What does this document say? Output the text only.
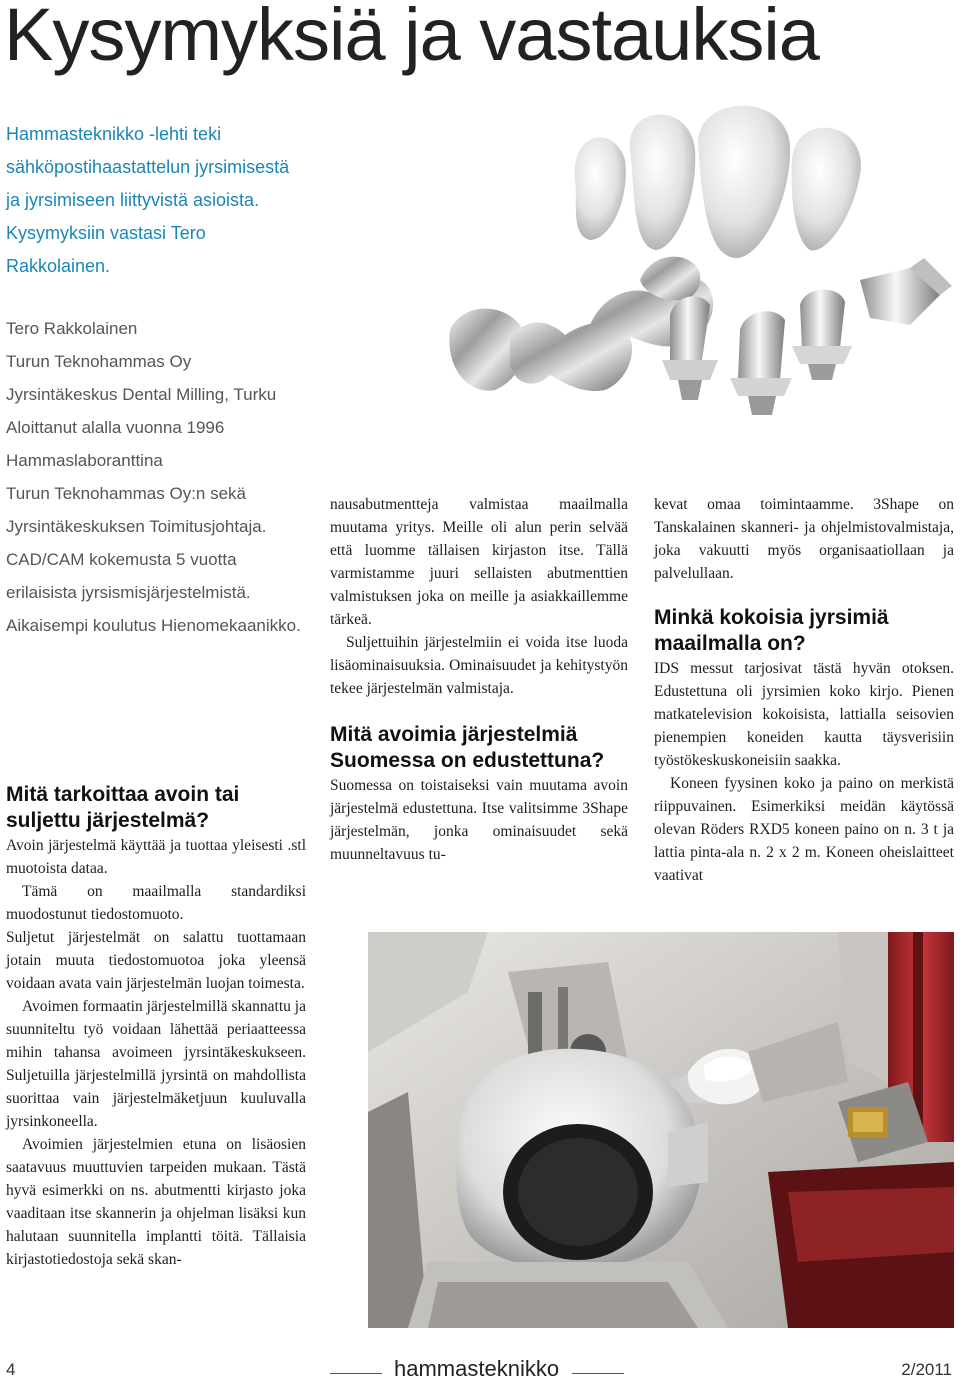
Kysymyksiä ja vastauksia
Hammasteknikko -lehti teki sähköpostihaastattelun jyrsimisestä ja jyrsimiseen liittyvistä asioista. Kysymyksiin vastasi Tero Rakkolainen.
Tero Rakkolainen
Turun Teknohammas Oy
Jyrsintäkeskus Dental Milling, Turku
Aloittanut alalla vuonna 1996
Hammaslaboranttina
Turun Teknohammas Oy:n sekä Jyrsintäkeskuksen Toimitusjohtaja.
CAD/CAM kokemusta 5 vuotta erilaisista jyrsismisjärjestelmistä.
Aikaisempi koulutus Hienomekaanikko.
Mitä tarkoittaa avoin tai suljettu järjestelmä?

Avoin järjestelmä käyttää ja tuottaa yleisesti .stl muotoista dataa.

Tämä on maailmalla standardiksi muodostunut tiedostomuoto.

Suljetut järjestelmät on salattu tuottamaan jotain muuta tiedostomuotoa joka yleensä voidaan avata vain järjestelmän luojan toimesta.

Avoimen formaatin järjestelmillä skannattu ja suunniteltu työ voidaan lähettää periaatteessa mihin tahansa avoimeen jyrsintäkeskukseen. Suljetuilla järjestelmillä jyrsintä on mahdollista suorittaa vain järjestelmäketjuun kuuluvalla jyrsinkoneella.

Avoimien järjestelmien etuna on lisäosien saatavuus muuttuvien tarpeiden mukaan. Tästä hyvä esimerkki on ns. abutmentti kirjasto joka vaaditaan itse skannerin ja ohjelman lisäksi kun halutaan suunnitella implantti töitä. Tällaisia kirjastotiedostoja sekä skan-

nausabutmentteja valmistaa maailmalla muutama yritys. Meille oli alun perin selvää että luomme tällaisen kirjaston itse. Tällä varmistamme juuri sellaisten abutmenttien valmistuksen joka on meille ja asiakkaillemme tärkeä.

Suljettuihin järjestelmiin ei voida itse luoda lisäominaisuuksia. Ominaisuudet ja kehitystyön tekee järjestelmän valmistaja.

Mitä avoimia järjestelmiä Suomessa on edustettuna?

Suomessa on toistaiseksi vain muutama avoin järjestelmä edustettuna. Itse valitsimme 3Shape järjestelmän, jonka ominaisuudet sekä muunneltavuus tu-

kevat omaa toimintaamme. 3Shape on Tanskalainen skanneri- ja ohjelmistovalmistaja, joka vakuutti myös organisaatiollaan ja palvelullaan.

Minkä kokoisia jyrsimiä maailmalla on?

IDS messut tarjosivat tästä hyvän otoksen. Edustettuna oli jyrsimien koko kirjo. Pienen matkatelevision kokoisista, lattialla seisovien pienempien koneiden kautta täysverisiin työstökeskuskoneisiin saakka.

Koneen fyysinen koko ja paino on merkistä riippuvainen. Esimerkiksi meidän käytössä olevan Röders RXD5 koneen paino on n. 3 t ja lattia pinta-ala n. 2 x 2 m. Koneen oheislaitteet vaativat

4	hammasteknikko	2/2011
